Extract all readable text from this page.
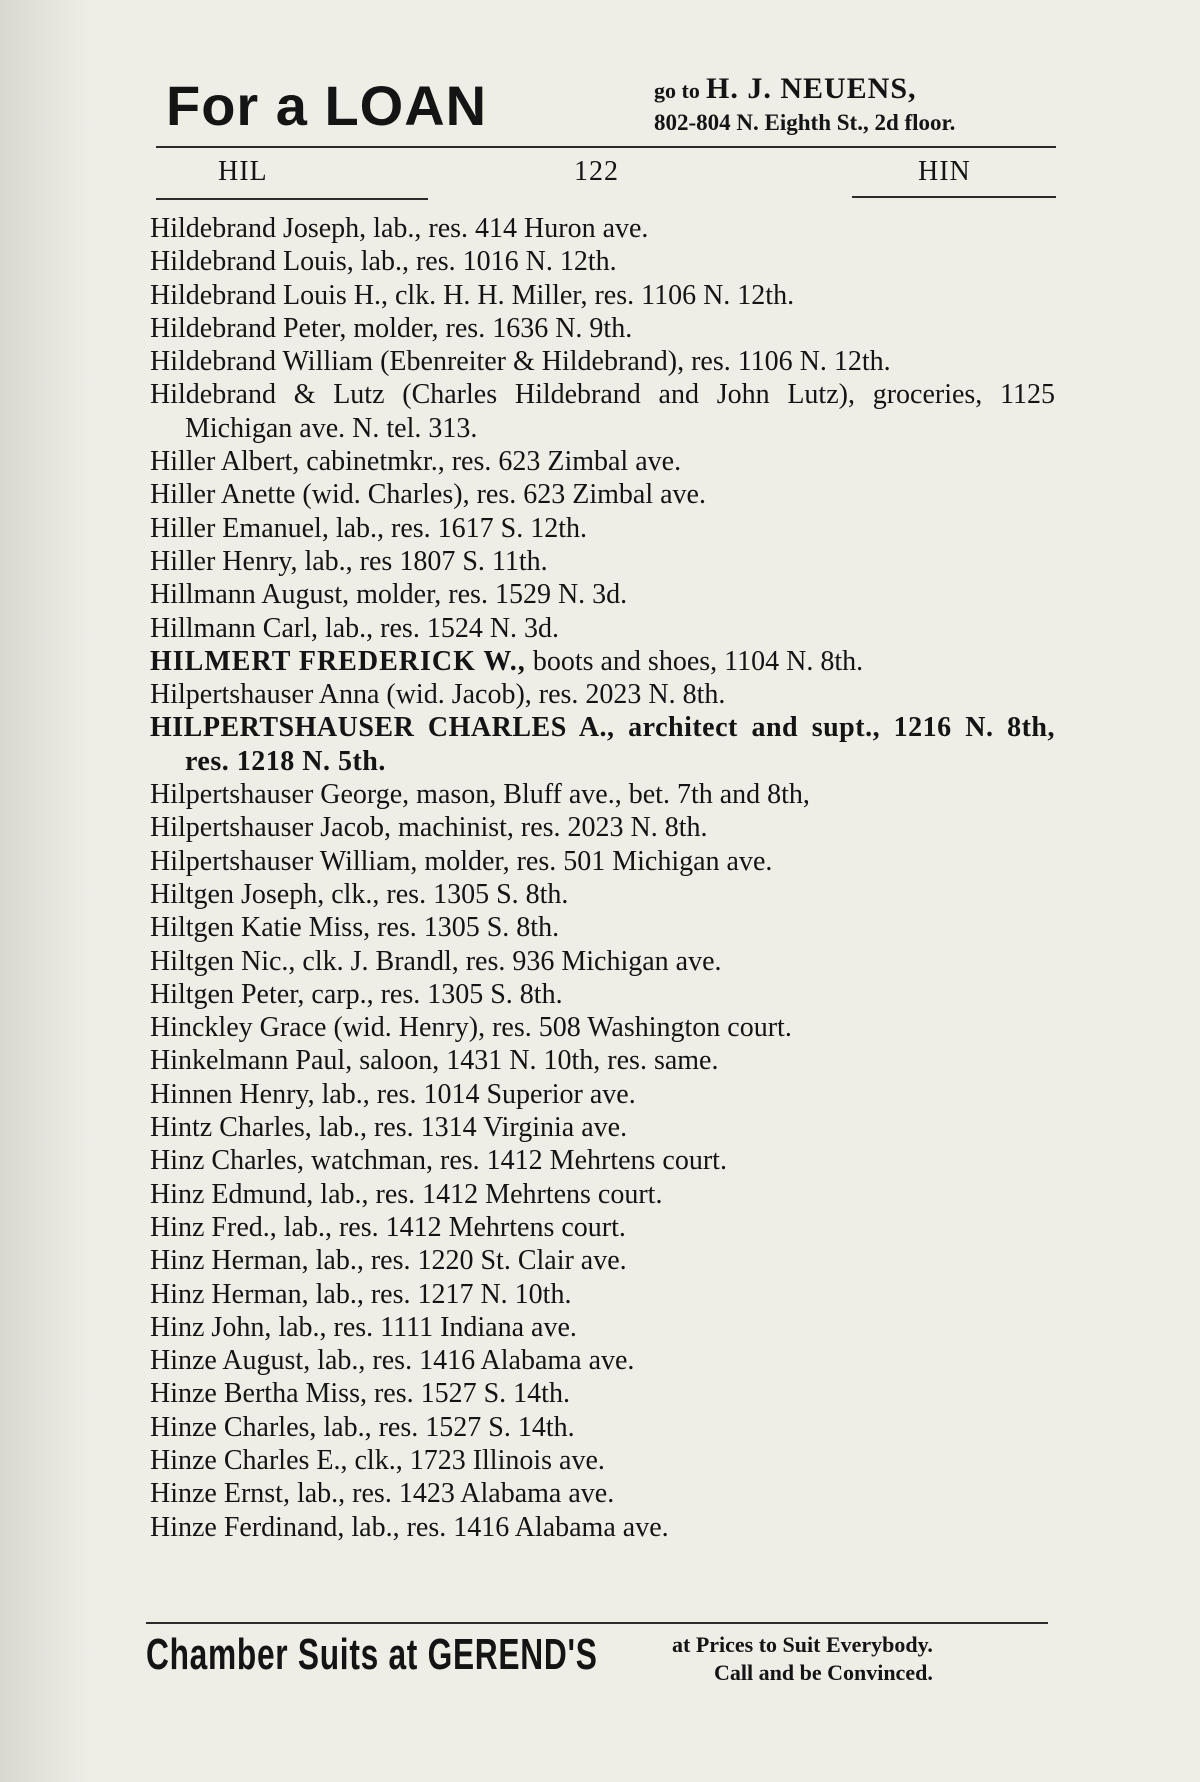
For a LOAN	go to H. J. NEUENS,
802-804 N. Eighth St., 2d floor.
HIL	122	HIN
Hildebrand Joseph, lab., res. 414 Huron ave.
Hildebrand Louis, lab., res. 1016 N. 12th.
Hildebrand Louis H., clk. H. H. Miller, res. 1106 N. 12th.
Hildebrand Peter, molder, res. 1636 N. 9th.
Hildebrand William (Ebenreiter & Hildebrand), res. 1106 N. 12th.
Hildebrand & Lutz (Charles Hildebrand and John Lutz), groceries, 1125 Michigan ave. N. tel. 313.
Hiller Albert, cabinetmkr., res. 623 Zimbal ave.
Hiller Anette (wid. Charles), res. 623 Zimbal ave.
Hiller Emanuel, lab., res. 1617 S. 12th.
Hiller Henry, lab., res 1807 S. 11th.
Hillmann August, molder, res. 1529 N. 3d.
Hillmann Carl, lab., res. 1524 N. 3d.
HILMERT FREDERICK W., boots and shoes, 1104 N. 8th.
Hilpertshauser Anna (wid. Jacob), res. 2023 N. 8th.
HILPERTSHAUSER CHARLES A., architect and supt., 1216 N. 8th, res. 1218 N. 5th.
Hilpertshauser George, mason, Bluff ave., bet. 7th and 8th,
Hilpertshauser Jacob, machinist, res. 2023 N. 8th.
Hilpertshauser William, molder, res. 501 Michigan ave.
Hiltgen Joseph, clk., res. 1305 S. 8th.
Hiltgen Katie Miss, res. 1305 S. 8th.
Hiltgen Nic., clk. J. Brandl, res. 936 Michigan ave.
Hiltgen Peter, carp., res. 1305 S. 8th.
Hinckley Grace (wid. Henry), res. 508 Washington court.
Hinkelmann Paul, saloon, 1431 N. 10th, res. same.
Hinnen Henry, lab., res. 1014 Superior ave.
Hintz Charles, lab., res. 1314 Virginia ave.
Hinz Charles, watchman, res. 1412 Mehrtens court.
Hinz Edmund, lab., res. 1412 Mehrtens court.
Hinz Fred., lab., res. 1412 Mehrtens court.
Hinz Herman, lab., res. 1220 St. Clair ave.
Hinz Herman, lab., res. 1217 N. 10th.
Hinz John, lab., res. 1111 Indiana ave.
Hinze August, lab., res. 1416 Alabama ave.
Hinze Bertha Miss, res. 1527 S. 14th.
Hinze Charles, lab., res. 1527 S. 14th.
Hinze Charles E., clk., 1723 Illinois ave.
Hinze Ernst, lab., res. 1423 Alabama ave.
Hinze Ferdinand, lab., res. 1416 Alabama ave.
Chamber Suits at GEREND'S	at Prices to Suit Everybody.
Call and be Convinced.
